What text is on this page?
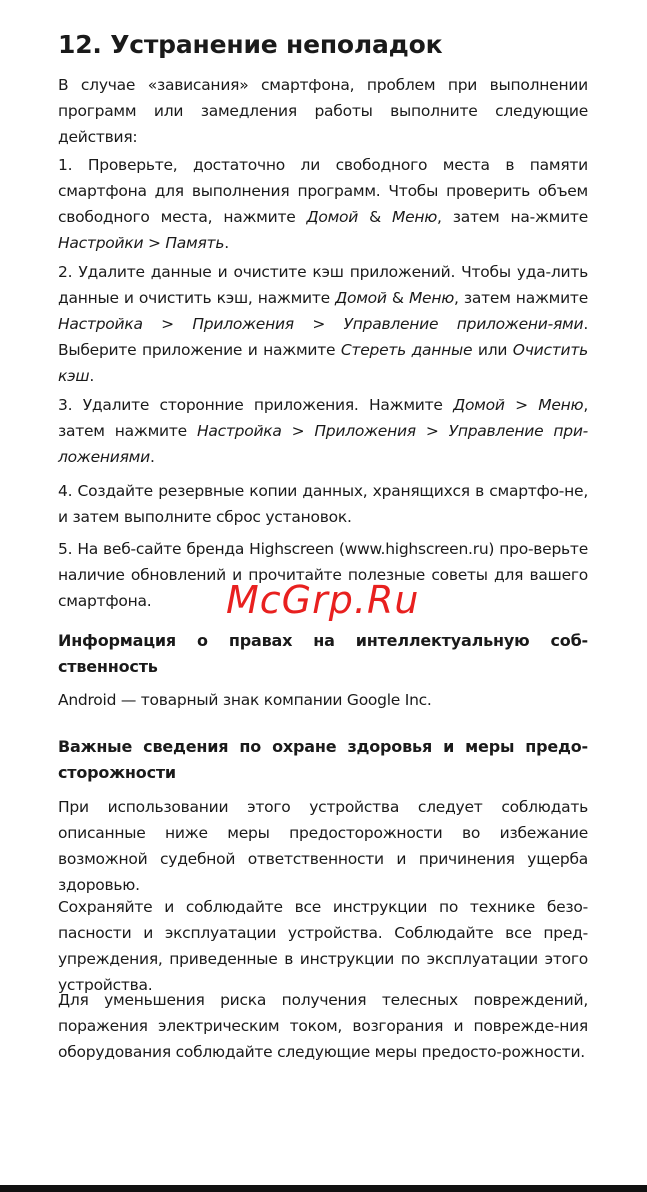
12. Устранение неполадок

В случае «зависания» смартфона, проблем при выполнении программ или замедления работы выполните следующие действия:

1. Проверьте, достаточно ли свободного места в памяти смартфона для выполнения программ. Чтобы проверить объем свободного места, нажмите Домой & Меню, затем на-жмите Настройки > Память.

2. Удалите данные и очистите кэш приложений. Чтобы уда-лить данные и очистить кэш, нажмите Домой & Меню, затем нажмите Настройка > Приложения > Управление приложени-ями. Выберите приложение и нажмите Стереть данные или Очистить кэш.

3. Удалите сторонние приложения. Нажмите Домой > Меню, затем нажмите Настройка > Приложения > Управление при-ложениями.

4. Создайте резервные копии данных, хранящихся в смартфо-не, и затем выполните сброс установок.

5. На веб-сайте бренда Highscreen (www.highscreen.ru) про-верьте наличие обновлений и прочитайте полезные советы для вашего смартфона.

Информация о правах на интеллектуальную соб-ственность

Android — товарный знак компании Google Inc.

Важные сведения по охране здоровья и меры предо-сторожности

При использовании этого устройства следует соблюдать описанные ниже меры предосторожности во избежание возможной судебной ответственности и причинения ущерба здоровью.

Сохраняйте и соблюдайте все инструкции по технике безо-пасности и эксплуатации устройства. Соблюдайте все пред-упреждения, приведенные в инструкции по эксплуатации этого устройства.

Для уменьшения риска получения телесных повреждений, поражения электрическим током, возгорания и поврежде-ния оборудования соблюдайте следующие меры предосто-рожности.

McGrp.Ru
